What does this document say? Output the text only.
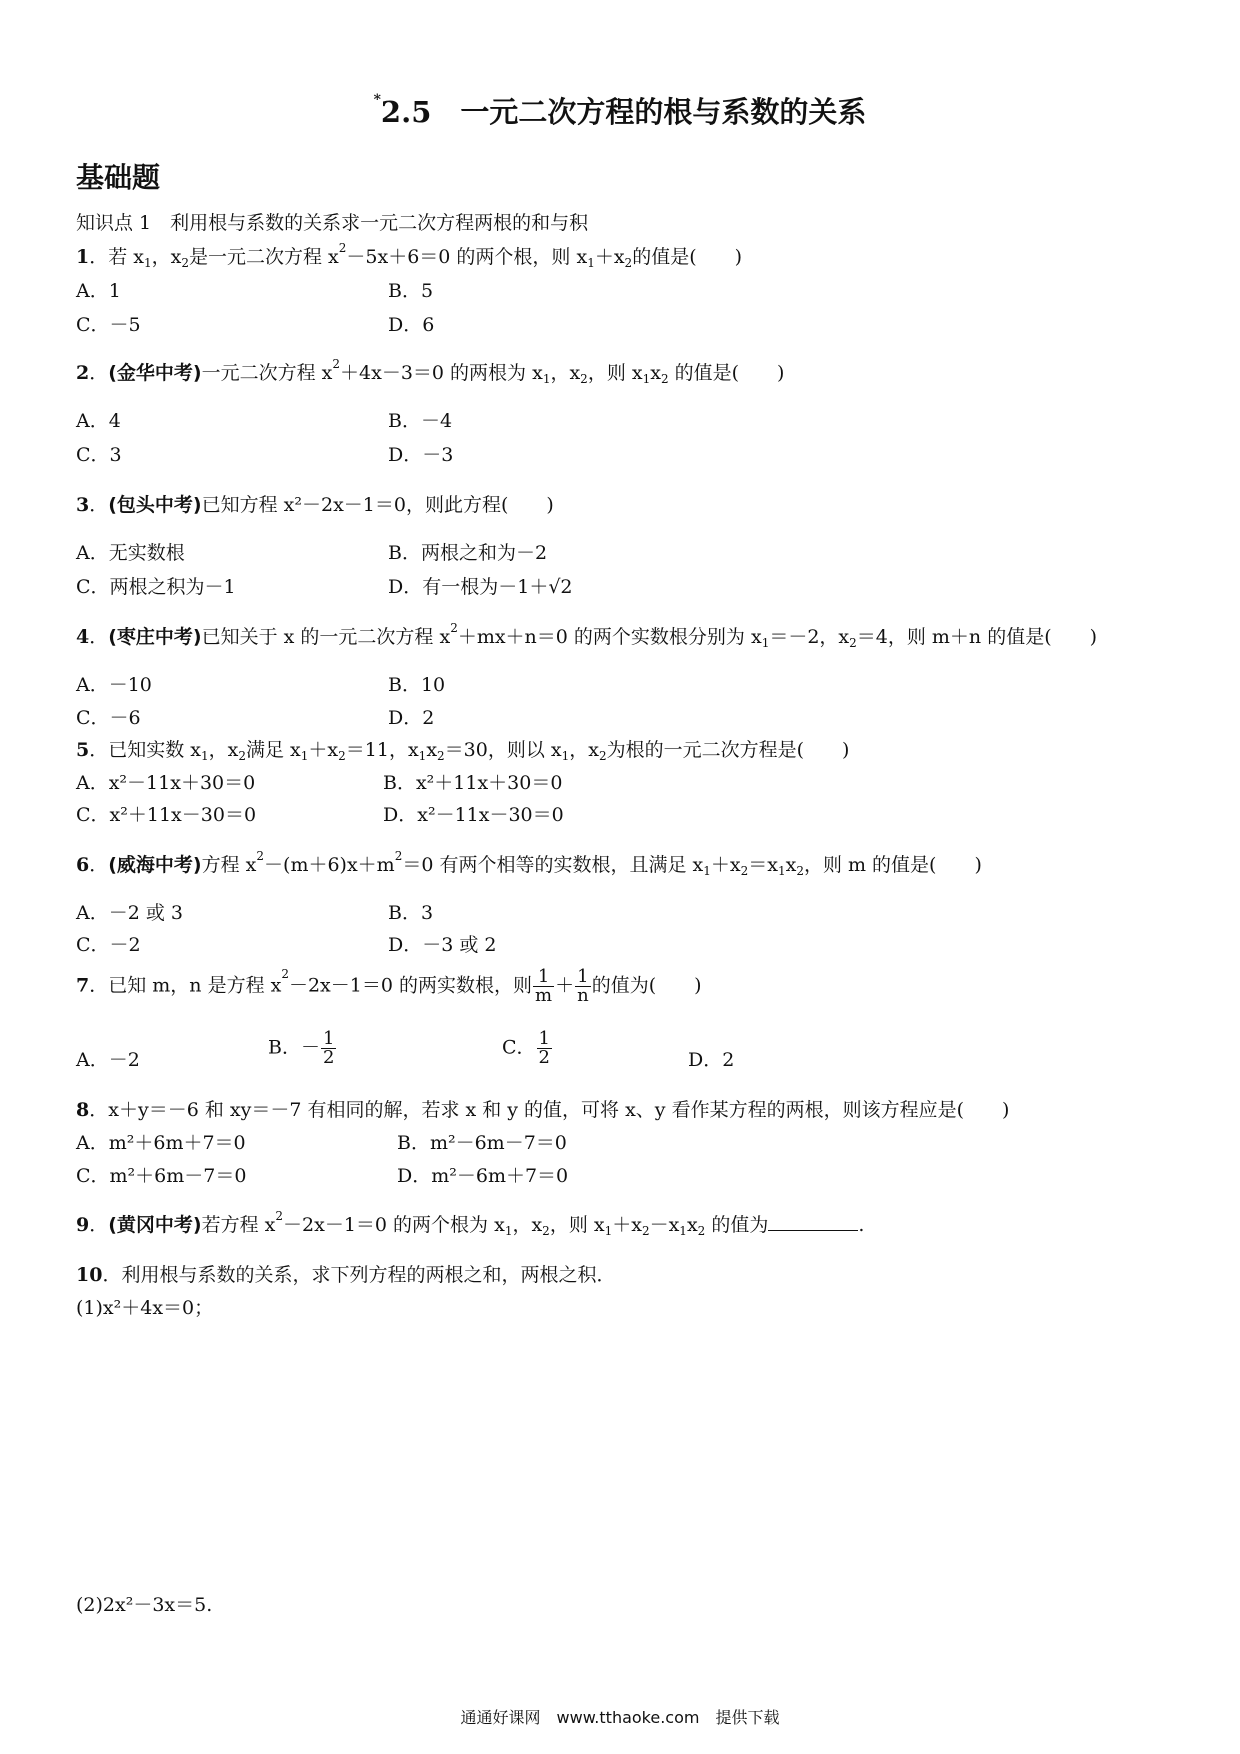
*2.5　一元二次方程的根与系数的关系
基础题
知识点 1　利用根与系数的关系求一元二次方程两根的和与积
1．若 $x_1$，$x_2$是一元二次方程 $x^2-5x+6=0$ 的两个根，则 $x_1+x_2$的值是(　　)
A．1	B．5
C．－5	D．6
2．(金华中考)一元二次方程 $x^2+4x-3=0$ 的两根为 $x_1$，$x_2$，则 $x_1x_2$ 的值是(　　)
A．4	B．－4
C．3	D．－3
3．(包头中考)已知方程 x²－2x－1＝0，则此方程(　　)
A．无实数根	B．两根之和为－2
C．两根之积为－1	D．有一根为－1＋√2
4．(枣庄中考)已知关于 x 的一元二次方程 $x^2+mx+n=0$ 的两个实数根分别为 $x_1=-2$，$x_2=4$，则 m＋n 的值是(　　)
A．－10	B．10
C．－6	D．2
5．已知实数 $x_1$，$x_2$满足 $x_1+x_2=11$，$x_1x_2=30$，则以 $x_1$，$x_2$为根的一元二次方程是(　　)
A．x²－11x＋30＝0	B．x²＋11x＋30＝0
C．x²＋11x－30＝0	D．x²－11x－30＝0
6．(威海中考)方程 $x^2-(m+6)x+m^2=0$ 有两个相等的实数根，且满足 $x_1+x_2=x_1x_2$，则 m 的值是(　　)
A．－2 或 3	B．3
C．－2	D．－3 或 2
7．已知 m，n 是方程 $x^2-2x-1=0$ 的两实数根，则 $\frac{1}{m} + \frac{1}{n}$ 的值为(　　)
A．－2
B．－ $\frac{1}{2}$	C． $\frac{1}{2}$	D．2
8．x＋y＝－6 和 xy＝－7 有相同的解，若求 x 和 y 的值，可将 x、y 看作某方程的两根，则该方程应是(　　)
A．m²＋6m＋7＝0	B．m²－6m－7＝0
C．m²＋6m－7＝0	D．m²－6m＋7＝0
9．(黄冈中考)若方程 $x^2-2x-1=0$ 的两个根为 $x_1$，$x_2$，则 $x_1+x_2-x_1x_2$ 的值为	.
10．利用根与系数的关系，求下列方程的两根之和，两根之积．
(1)x²＋4x＝0；
(2)2x²－3x＝5.
通通好课网　www.tthaoke.com　提供下载
